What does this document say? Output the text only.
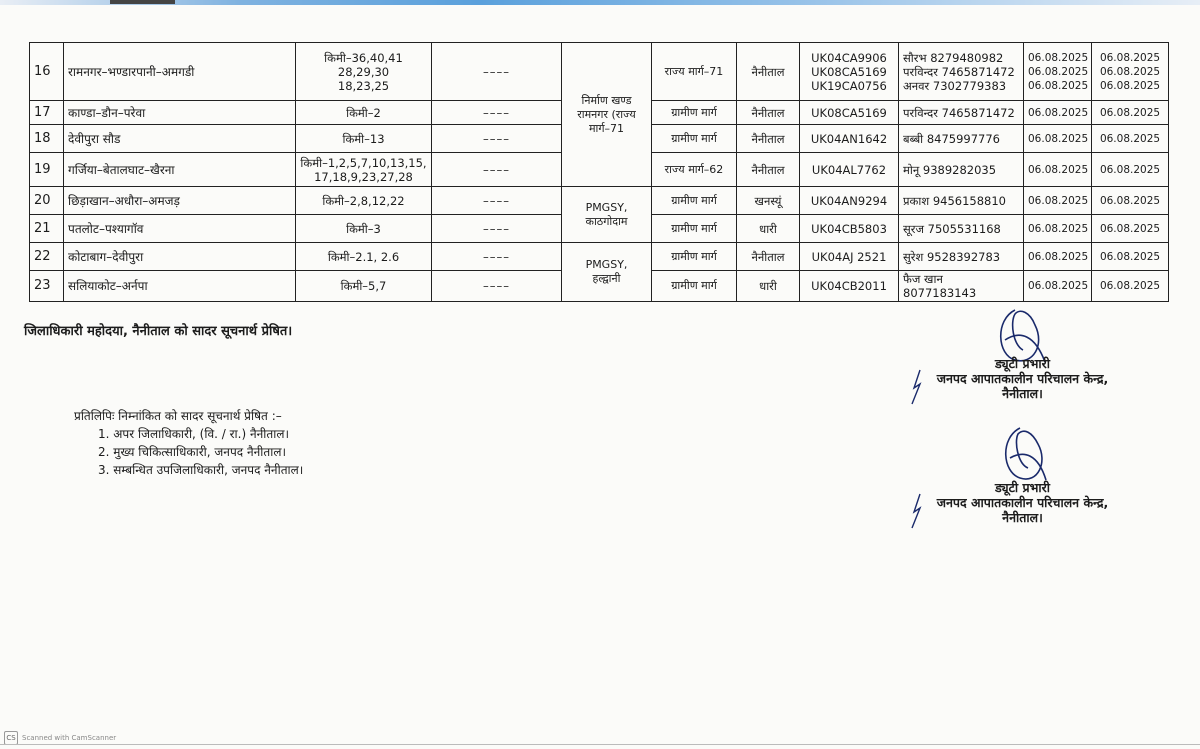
16	रामनगर–भण्डारपानी–अमगडी	किमी–36,40,41
28,29,30
18,23,25	––––	निर्माण खण्ड
रामनगर (राज्य
मार्ग–71	राज्य मार्ग–71	नैनीताल	UK04CA9906
UK08CA5169
UK19CA0756	सौरभ 8279480982
परविन्दर 7465871472
अनवर 7302779383	06.08.2025
06.08.2025
06.08.2025	06.08.2025
06.08.2025
06.08.2025
17	काण्डा–डौन–परेवा	किमी–2	––––		ग्रामीण मार्ग	नैनीताल	UK08CA5169	परविन्दर 7465871472	06.08.2025	06.08.2025
18	देवीपुरा सौड	किमी–13	––––		ग्रामीण मार्ग	नैनीताल	UK04AN1642	बब्बी 8475997776	06.08.2025	06.08.2025
19	गर्जिया–बेतालघाट–खैरना	किमी–1,2,5,7,10,13,15,
17,18,9,23,27,28	––––		राज्य मार्ग–62	नैनीताल	UK04AL7762	मोनू 9389282035	06.08.2025	06.08.2025
20	छिड़ाखान–अधौरा–अमजड़	किमी–2,8,12,22	––––	PMGSY,
काठगोदाम	ग्रामीण मार्ग	खनस्यूं	UK04AN9294	प्रकाश 9456158810	06.08.2025	06.08.2025
21	पतलोट–पश्यागॉव	किमी–3	––––		ग्रामीण मार्ग	धारी	UK04CB5803	सूरज 7505531168	06.08.2025	06.08.2025
22	कोटाबाग–देवीपुरा	किमी–2.1, 2.6	––––	PMGSY,
हल्द्वानी	ग्रामीण मार्ग	नैनीताल	UK04AJ 2521	सुरेश 9528392783	06.08.2025	06.08.2025
23	सलियाकोट–अर्नपा	किमी–5,7	––––		ग्रामीण मार्ग	धारी	UK04CB2011	फैज खान 8077183143	06.08.2025	06.08.2025
जिलाधिकारी महोदया, नैनीताल को सादर सूचनार्थ प्रेषित।
प्रतिलिपिः निम्नांकित को सादर सूचनार्थ प्रेषित :–
1. अपर जिलाधिकारी, (वि. / रा.) नैनीताल।
2. मुख्य चिकित्साधिकारी, जनपद नैनीताल।
3. सम्बन्धित उपजिलाधिकारी, जनपद नैनीताल।
ड्यूटी प्रभारी
जनपद आपातकालीन परिचालन केन्द्र,
नैनीताल।
ड्यूटी प्रभारी
जनपद आपातकालीन परिचालन केन्द्र,
नैनीताल।
CS Scanned with CamScanner
